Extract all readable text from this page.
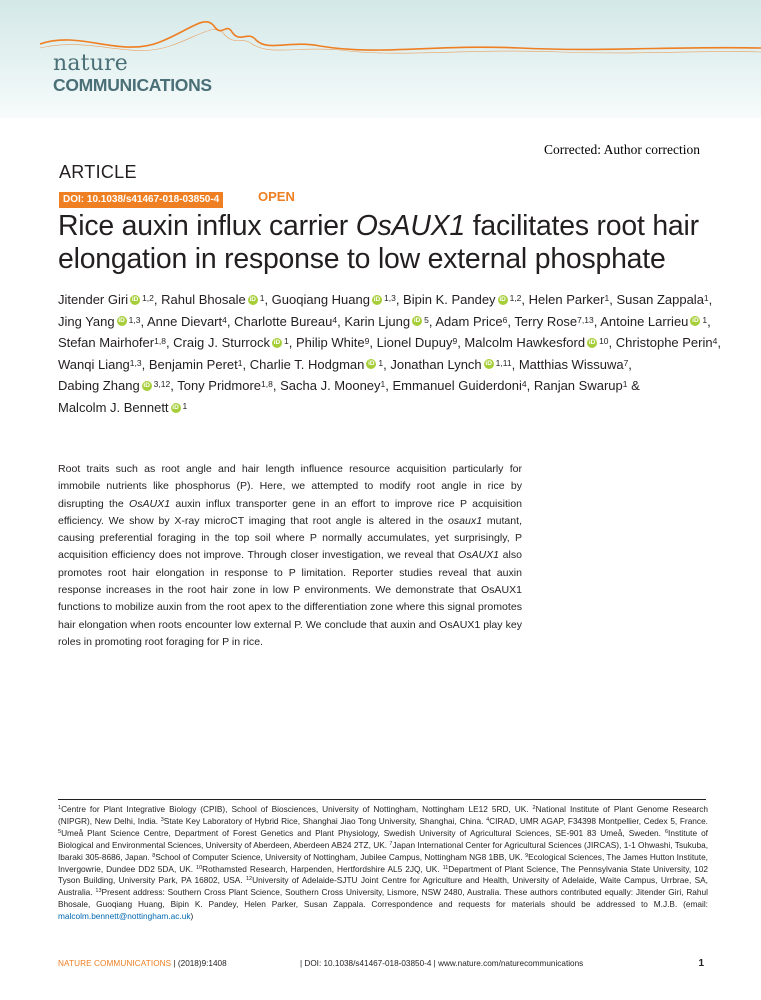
nature
COMMUNICATIONS
Corrected: Author correction
ARTICLE
DOI: 10.1038/s41467-018-03850-4	OPEN
Rice auxin influx carrier OsAUX1 facilitates root hair elongation in response to low external phosphate
Jitender Giri iD $^{1,2}$, Rahul Bhosale iD $^1$, Guoqiang Huang iD $^{1,3}$, Bipin K. Pandey iD $^{1,2}$, Helen Parker$^1$, Susan Zappala$^1$, Jing Yang iD $^{1,3}$, Anne Dievart$^4$, Charlotte Bureau$^4$, Karin Ljung iD $^5$, Adam Price$^6$, Terry Rose$^{7,13}$, Antoine Larrieu iD $^1$, Stefan Mairhofer$^{1,8}$, Craig J. Sturrock iD $^1$, Philip White$^9$, Lionel Dupuy$^9$, Malcolm Hawkesford iD $^{10}$, Christophe Perin$^4$, Wanqi Liang$^{1,3}$, Benjamin Peret$^1$, Charlie T. Hodgman iD $^1$, Jonathan Lynch iD $^{1,11}$, Matthias Wissuwa$^7$, Dabing Zhang iD $^{3,12}$, Tony Pridmore$^{1,8}$, Sacha J. Mooney$^1$, Emmanuel Guiderdoni$^4$, Ranjan Swarup$^1$ & Malcolm J. Bennett iD $^1$

Root traits such as root angle and hair length influence resource acquisition particularly for immobile nutrients like phosphorus (P). Here, we attempted to modify root angle in rice by disrupting the OsAUX1 auxin influx transporter gene in an effort to improve rice P acquisition efficiency. We show by X-ray microCT imaging that root angle is altered in the osaux1 mutant, causing preferential foraging in the top soil where P normally accumulates, yet surprisingly, P acquisition efficiency does not improve. Through closer investigation, we reveal that OsAUX1 also promotes root hair elongation in response to P limitation. Reporter studies reveal that auxin response increases in the root hair zone in low P environments. We demonstrate that OsAUX1 functions to mobilize auxin from the root apex to the differentiation zone where this signal promotes hair elongation when roots encounter low external P. We conclude that auxin and OsAUX1 play key roles in promoting root foraging for P in rice.

$^1$Centre for Plant Integrative Biology (CPIB), School of Biosciences, University of Nottingham, Nottingham LE12 5RD, UK. $^2$National Institute of Plant Genome Research (NIPGR), New Delhi, India. $^3$State Key Laboratory of Hybrid Rice, Shanghai Jiao Tong University, Shanghai, China. $^4$CIRAD, UMR AGAP, F34398 Montpellier, Cedex 5, France. $^5$Umeå Plant Science Centre, Department of Forest Genetics and Plant Physiology, Swedish University of Agricultural Sciences, SE-901 83 Umeå, Sweden. $^6$Institute of Biological and Environmental Sciences, University of Aberdeen, Aberdeen AB24 2TZ, UK. $^7$Japan International Center for Agricultural Sciences (JIRCAS), 1-1 Ohwashi, Tsukuba, Ibaraki 305-8686, Japan. $^8$School of Computer Science, University of Nottingham, Jubilee Campus, Nottingham NG8 1BB, UK. $^9$Ecological Sciences, The James Hutton Institute, Invergowrie, Dundee DD2 5DA, UK. $^{10}$Rothamsted Research, Harpenden, Hertfordshire AL5 2JQ, UK. $^{11}$Department of Plant Science, The Pennsylvania State University, 102 Tyson Building, University Park, PA 16802, USA. $^{12}$University of Adelaide-SJTU Joint Centre for Agriculture and Health, University of Adelaide, Waite Campus, Urrbrae, SA, Australia. $^{13}$Present address: Southern Cross Plant Science, Southern Cross University, Lismore, NSW 2480, Australia. These authors contributed equally: Jitender Giri, Rahul Bhosale, Guoqiang Huang, Bipin K. Pandey, Helen Parker, Susan Zappala. Correspondence and requests for materials should be addressed to M.J.B. (email: malcolm.bennett@nottingham.ac.uk)
NATURE COMMUNICATIONS | (2018)9:1408	| DOI: 10.1038/s41467-018-03850-4 | www.nature.com/naturecommunications	1
